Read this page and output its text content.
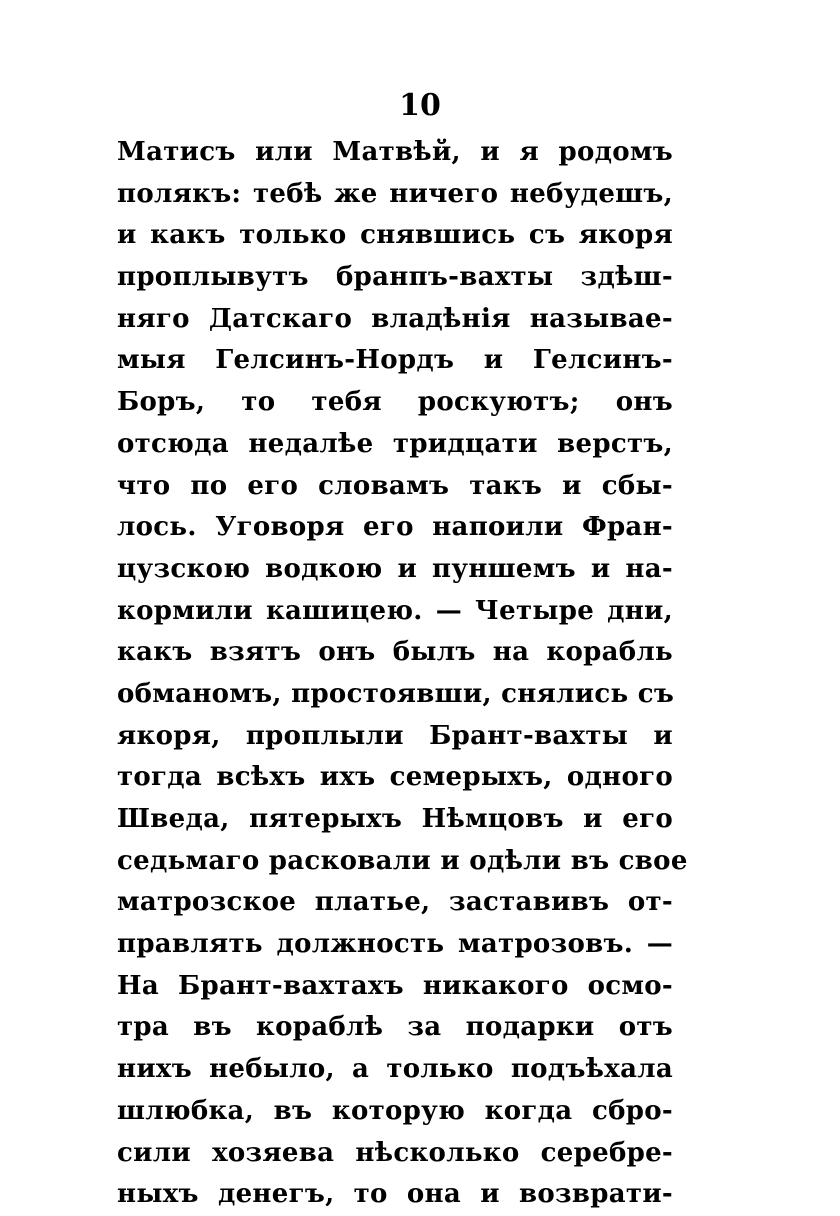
10
Матисъ или Матвѣй, и я родомъ
полякъ: тебѣ же ничего небудешъ,
и какъ только снявшись съ якоря
проплывутъ бранпъ-вахты здѣш-
няго Датскаго владѣнія называе-
мыя Гелсинъ-Нордъ и Гелсинъ-
Боръ, то тебя роскуютъ; онъ
отсюда недалѣе тридцати верстъ,
что по его словамъ такъ и сбы-
лось. Уговоря его напоили Фран-
цузскою водкою и пуншемъ и на-
кормили кашицею. — Четыре дни,
какъ взятъ онъ былъ на корабль
обманомъ, простоявши, снялись съ
якоря, проплыли Брант-вахты и
тогда всѣхъ ихъ семерыхъ, одного
Шведа, пятерыхъ Нѣмцовъ и его
седьмаго расковали и одѣли въ свое
матрозское платье, заставивъ от-
правлять должность матрозовъ. —
На Брант-вахтахъ никакого осмо-
тра въ кораблѣ за подарки отъ
нихъ небыло, а только подъѣхала
шлюбка, въ которую когда сбро-
сили хозяева нѣсколько серебре-
ныхъ денегъ, то она и возврати-
